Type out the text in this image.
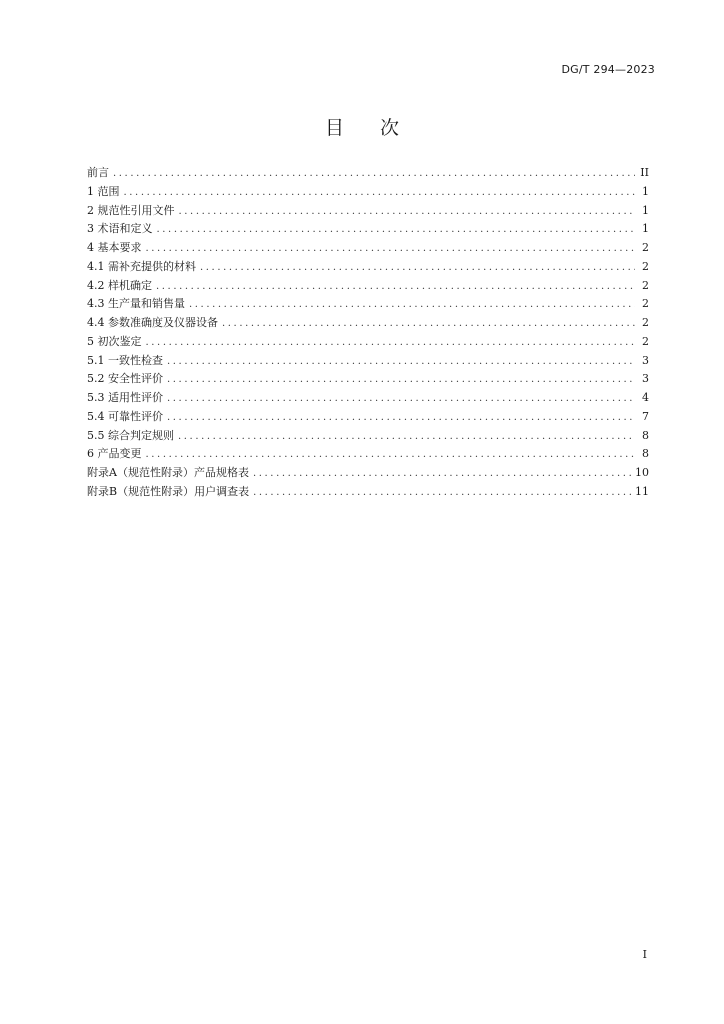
DG/T 294—2023
目次
前言 .....	II
1 范围 .....	1
2 规范性引用文件 .....	1
3 术语和定义 .....	1
4 基本要求 .....	2
4.1 需补充提供的材料 .....	2
4.2 样机确定 .....	2
4.3 生产量和销售量 .....	2
4.4 参数准确度及仪器设备 .....	2
5 初次鉴定 .....	2
5.1 一致性检查 .....	3
5.2 安全性评价 .....	3
5.3 适用性评价 .....	4
5.4 可靠性评价 .....	7
5.5 综合判定规则 .....	8
6 产品变更 .....	8
附录A（规范性附录）产品规格表 .....	10
附录B（规范性附录）用户调查表 .....	11
I
